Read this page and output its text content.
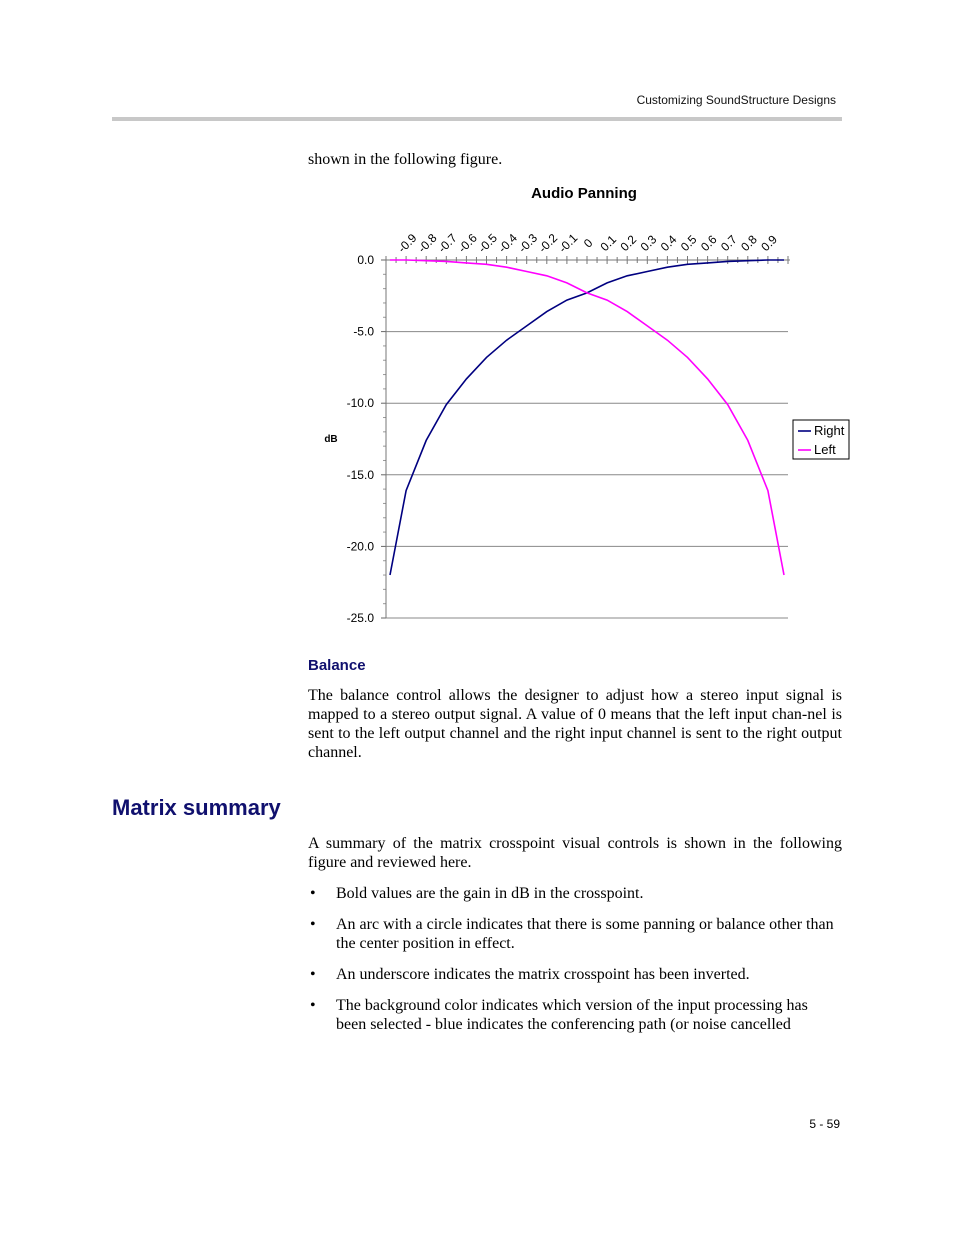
Customizing SoundStructure Designs
shown in the following figure.
Audio Panning
0.0
-5.0
-10.0
-15.0
-20.0
-25.0
-0.9
-0.8
-0.7
-0.6
-0.5
-0.4
-0.3
-0.2
-0.1 0 0.1
0.2
0.3
0.4
0.5
0.6
0.7
0.8
0.9
dB
Right
Left
Balance
The balance control allows the designer to adjust how a stereo input signal is mapped to a stereo output signal. A value of 0 means that the left input chan-nel is sent to the left output channel and the right input channel is sent to the right output channel.
Matrix summary
A summary of the matrix crosspoint visual controls is shown in the following figure and reviewed here.
• Bold values are the gain in dB in the crosspoint.
• An arc with a circle indicates that there is some panning or balance other than the center position in effect.
• An underscore indicates the matrix crosspoint has been inverted.
• The background color indicates which version of the input processing has been selected - blue indicates the conferencing path (or noise cancelled
5 - 59
